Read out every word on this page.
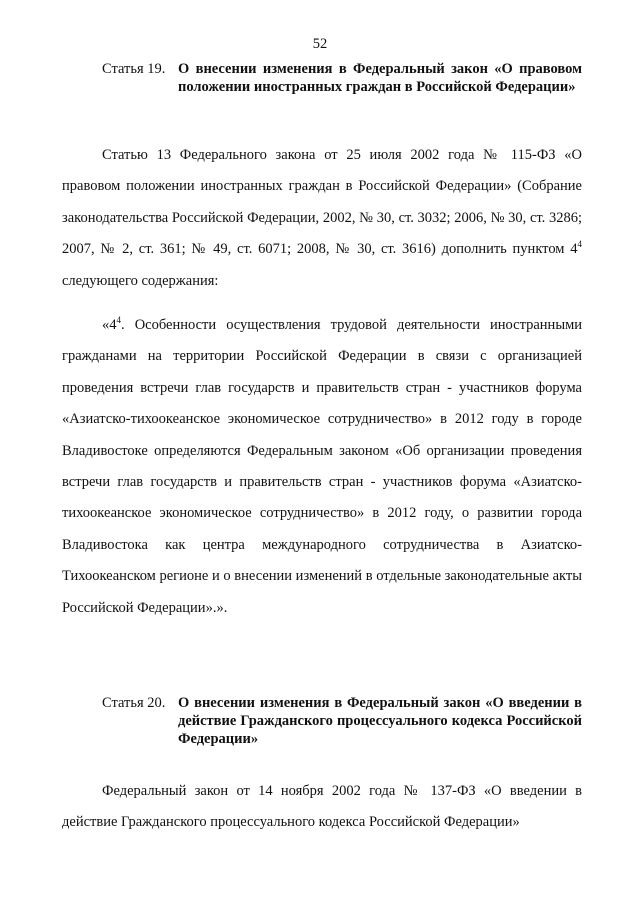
52
Статья 19. О внесении изменения в Федеральный закон «О правовом положении иностранных граждан в Российской Федерации»
Статью 13 Федерального закона от 25 июля 2002 года № 115-ФЗ «О правовом положении иностранных граждан в Российской Федерации» (Собрание законодательства Российской Федерации, 2002, № 30, ст. 3032; 2006, № 30, ст. 3286; 2007, № 2, ст. 361; № 49, ст. 6071; 2008, № 30, ст. 3616) дополнить пунктом $4^4$ следующего содержания:
«$4^4$. Особенности осуществления трудовой деятельности иностранными гражданами на территории Российской Федерации в связи с организацией проведения встречи глав государств и правительств стран - участников форума «Азиатско-тихоокеанское экономическое сотрудничество» в 2012 году в городе Владивостоке определяются Федеральным законом «Об организации проведения встречи глав государств и правительств стран - участников форума «Азиатско-тихоокеанское экономическое сотрудничество» в 2012 году, о развитии города Владивостока как центра международного сотрудничества в Азиатско-Тихоокеанском регионе и о внесении изменений в отдельные законодательные акты Российской Федерации».».
Статья 20. О внесении изменения в Федеральный закон «О введении в действие Гражданского процессуального кодекса Российской Федерации»
Федеральный закон от 14 ноября 2002 года № 137-ФЗ «О введении в действие Гражданского процессуального кодекса Российской Федерации»
